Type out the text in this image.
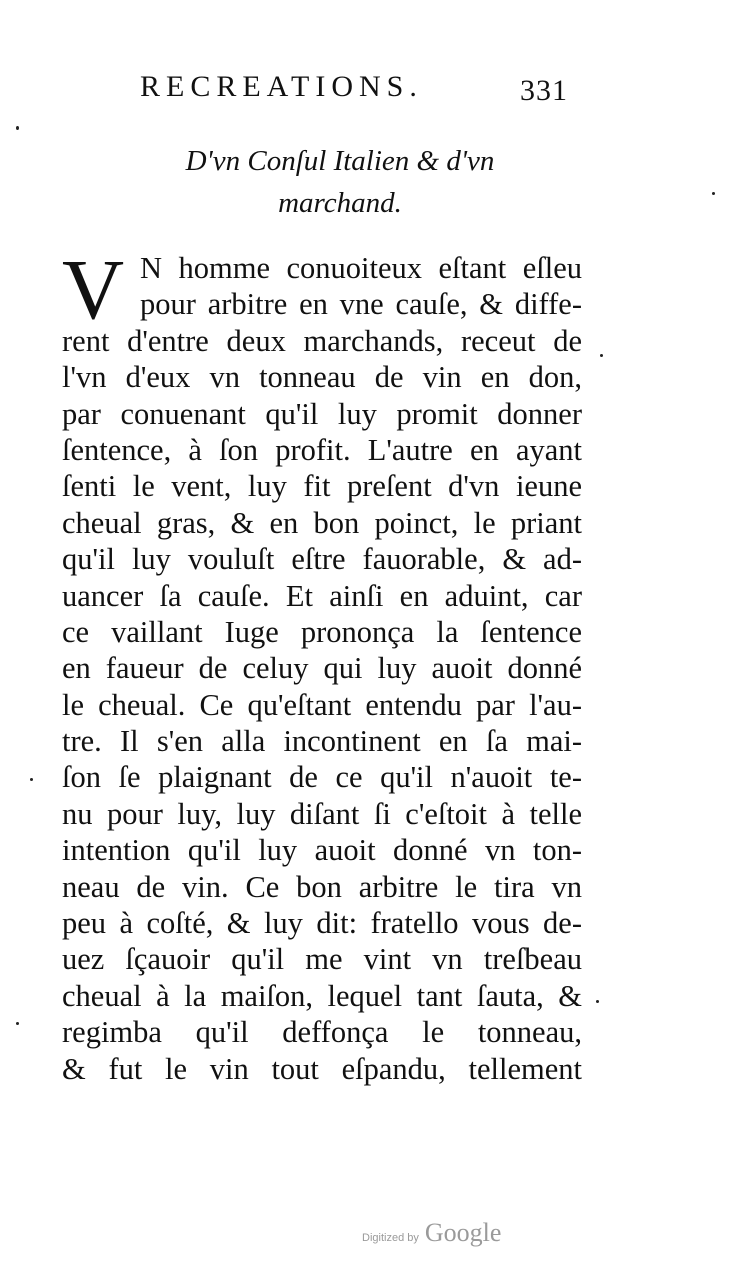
RECREATIONS.	331
D'vn Conſul Italien & d'vn
marchand.
V N homme conuoiteux eſtant eſleu
pour arbitre en vne cauſe, & diffe-
rent d'entre deux marchands, receut de
l'vn d'eux vn tonneau de vin en don,
par conuenant qu'il luy promit donner
ſentence, à ſon profit. L'autre en ayant
ſenti le vent, luy fit preſent d'vn ieune
cheual gras, & en bon poinct, le priant
qu'il luy vouluſt eſtre fauorable, & ad-
uancer ſa cauſe. Et ainſi en aduint, car
ce vaillant Iuge prononça la ſentence
en faueur de celuy qui luy auoit donné
le cheual. Ce qu'eſtant entendu par l'au-
tre. Il s'en alla incontinent en ſa mai-
ſon ſe plaignant de ce qu'il n'auoit te-
nu pour luy, luy diſant ſi c'eſtoit à telle
intention qu'il luy auoit donné vn ton-
neau de vin. Ce bon arbitre le tira vn
peu à coſté, & luy dit: fratello vous de-
uez ſçauoir qu'il me vint vn treſbeau
cheual à la maiſon, lequel tant ſauta, &
regimba qu'il deffonça le tonneau,
& fut le vin tout eſpandu, tellement
Digitized by Google
